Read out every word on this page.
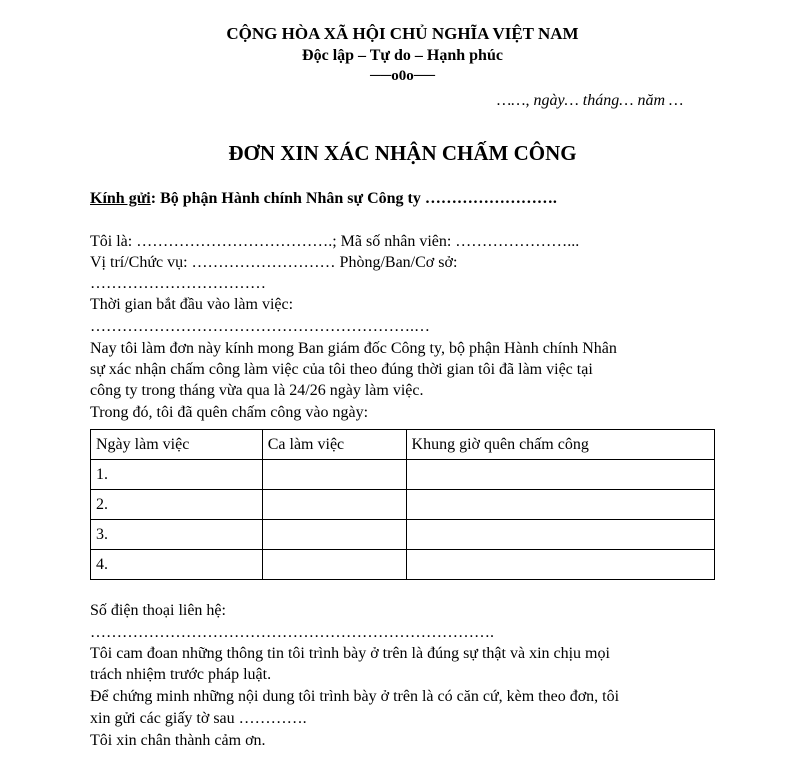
CỘNG HÒA XÃ HỘI CHỦ NGHĨA VIỆT NAM
Độc lập – Tự do – Hạnh phúc
──o0o──
……, ngày… tháng… năm …
ĐƠN XIN XÁC NHẬN CHẤM CÔNG
Kính gửi: Bộ phận Hành chính Nhân sự Công ty …………………….
Tôi là: ……………………………….; Mã số nhân viên: …………………...
Vị trí/Chức vụ: ……………………… Phòng/Ban/Cơ sở:
……………………………
Thời gian bắt đầu vào làm việc:
…………………………………………………….…
Nay tôi làm đơn này kính mong Ban giám đốc Công ty, bộ phận Hành chính Nhân
sự xác nhận chấm công làm việc của tôi theo đúng thời gian tôi đã làm việc tại
công ty trong tháng vừa qua là 24/26 ngày làm việc.
Trong đó, tôi đã quên chấm công vào ngày:
Ngày làm việc	Ca làm việc	Khung giờ quên chấm công
1.		
2.		
3.		
4.		
Số điện thoại liên hệ:
………………………………………………………………….
Tôi cam đoan những thông tin tôi trình bày ở trên là đúng sự thật và xin chịu mọi
trách nhiệm trước pháp luật.
Để chứng minh những nội dung tôi trình bày ở trên là có căn cứ, kèm theo đơn, tôi
xin gửi các giấy tờ sau ………….
Tôi xin chân thành cảm ơn.
